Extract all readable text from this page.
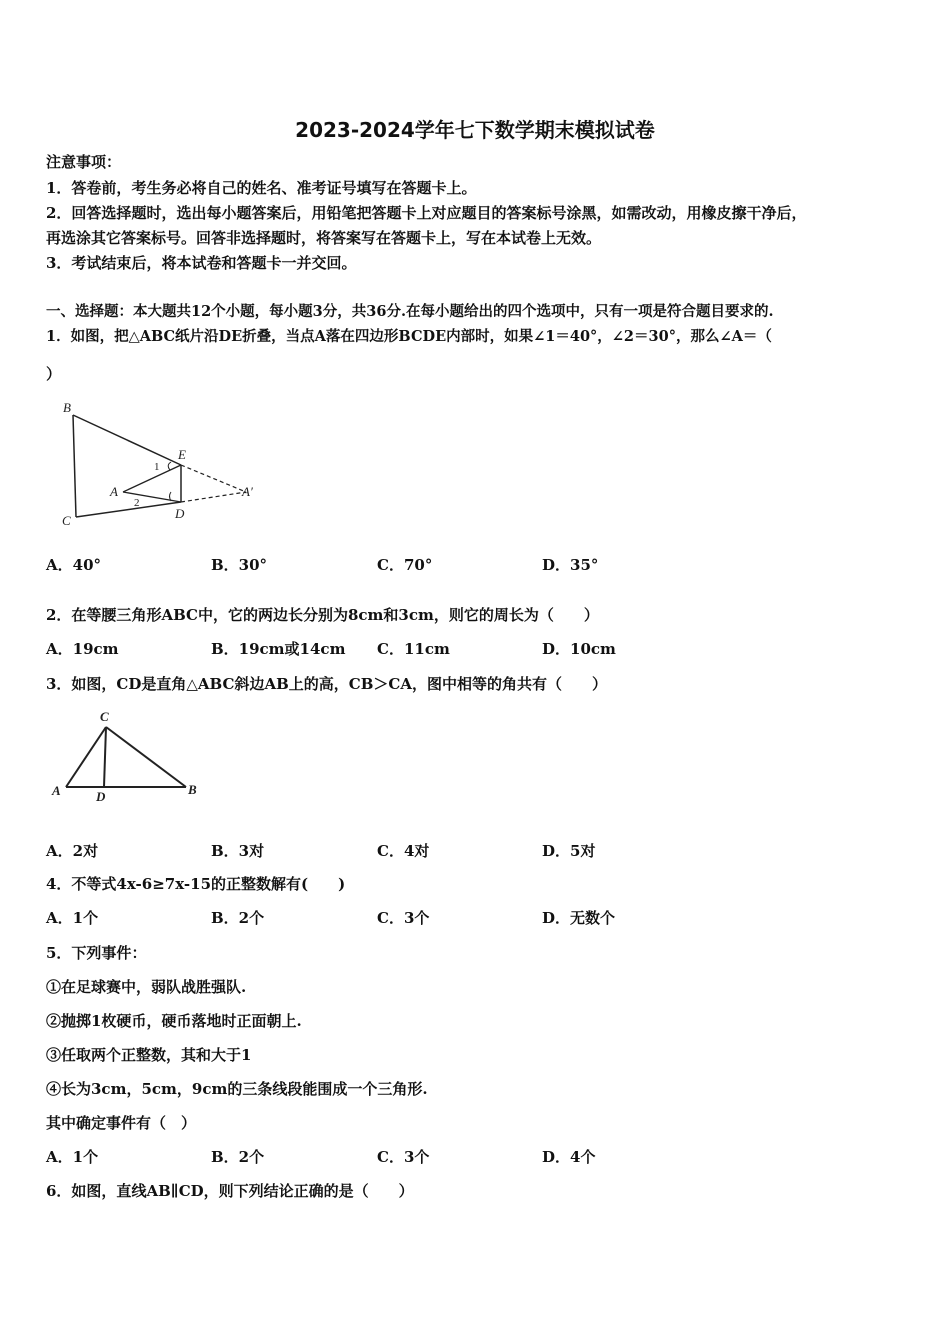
2023-2024学年七下数学期末模拟试卷
注意事项：
1．答卷前，考生务必将自己的姓名、准考证号填写在答题卡上。
2．回答选择题时，选出每小题答案后，用铅笔把答题卡上对应题目的答案标号涂黑，如需改动，用橡皮擦干净后，
再选涂其它答案标号。回答非选择题时，将答案写在答题卡上，写在本试卷上无效。
3．考试结束后，将本试卷和答题卡一并交回。
一、选择题：本大题共12个小题，每小题3分，共36分.在每小题给出的四个选项中，只有一项是符合题目要求的.
1．如图，把△ABC纸片沿DE折叠，当点A落在四边形BCDE内部时，如果∠1＝40°，∠2＝30°，那么∠A＝（
）
B
C
E
A
D
A′
1
2
A．40°	B．30°	C．70°	D．35°
2．在等腰三角形ABC中，它的两边长分别为8cm和3cm，则它的周长为（　　）
A．19cm	B．19cm或14cm C．11cm	D．10cm
3．如图，CD是直角△ABC斜边AB上的高，CB＞CA，图中相等的角共有（　　）
C
A	D	B
A．2对	B．3对	C．4对	D．5对
4．不等式4x-6≥7x-15的正整数解有(　　)
A．1个	B．2个	C．3个	D．无数个
5．下列事件：
①在足球赛中，弱队战胜强队.
②抛掷1枚硬币，硬币落地时正面朝上.
③任取两个正整数，其和大于1
④长为3cm，5cm，9cm的三条线段能围成一个三角形.
其中确定事件有（　）
A．1个	B．2个	C．3个	D．4个
6．如图，直线AB∥CD，则下列结论正确的是（　　）
